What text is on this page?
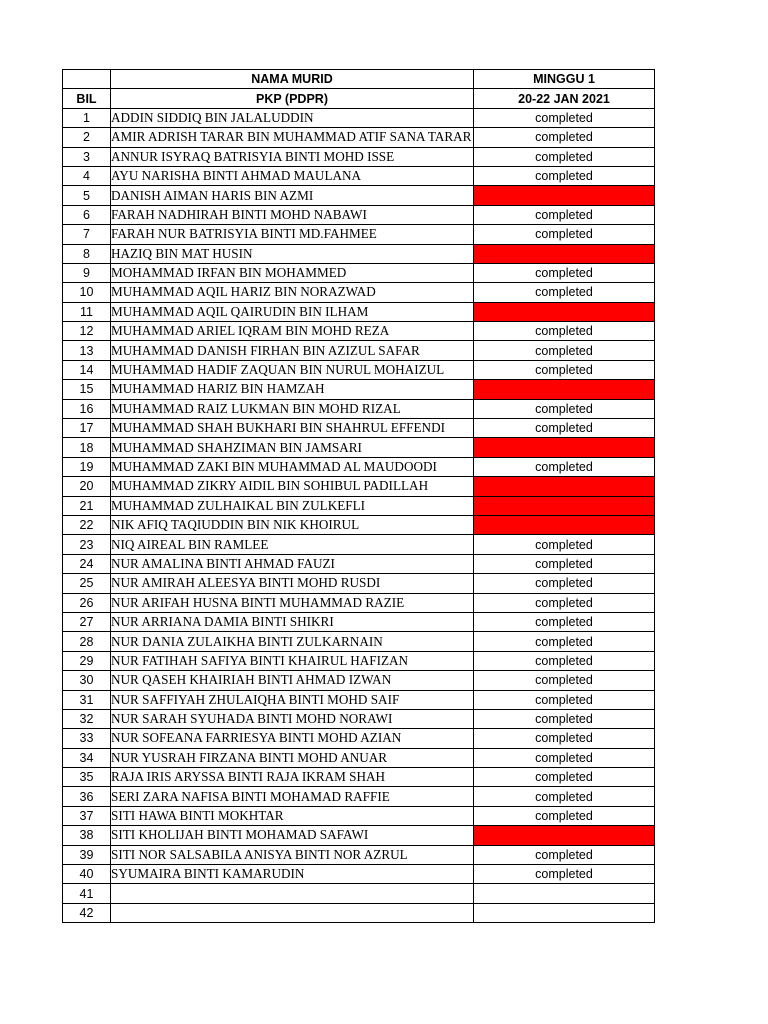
	NAMA MURID	MINGGU 1
BIL	PKP (PDPR)	20-22 JAN 2021
1	ADDIN SIDDIQ BIN JALALUDDIN	completed
2	AMIR ADRISH TARAR BIN MUHAMMAD ATIF SANA TARAR	completed
3	ANNUR ISYRAQ BATRISYIA BINTI MOHD ISSE	completed
4	AYU NARISHA BINTI AHMAD MAULANA	completed
5	DANISH AIMAN HARIS BIN AZMI	
6	FARAH NADHIRAH BINTI MOHD NABAWI	completed
7	FARAH NUR BATRISYIA BINTI MD.FAHMEE	completed
8	HAZIQ BIN MAT HUSIN	
9	MOHAMMAD IRFAN BIN MOHAMMED	completed
10	MUHAMMAD AQIL HARIZ BIN NORAZWAD	completed
11	MUHAMMAD AQIL QAIRUDIN BIN ILHAM	
12	MUHAMMAD ARIEL IQRAM BIN MOHD REZA	completed
13	MUHAMMAD DANISH FIRHAN BIN AZIZUL SAFAR	completed
14	MUHAMMAD HADIF ZAQUAN BIN NURUL MOHAIZUL	completed
15	MUHAMMAD HARIZ BIN HAMZAH	
16	MUHAMMAD RAIZ LUKMAN BIN MOHD RIZAL	completed
17	MUHAMMAD SHAH BUKHARI BIN SHAHRUL EFFENDI	completed
18	MUHAMMAD SHAHZIMAN BIN JAMSARI	
19	MUHAMMAD ZAKI BIN MUHAMMAD AL MAUDOODI	completed
20	MUHAMMAD ZIKRY AIDIL BIN SOHIBUL PADILLAH	
21	MUHAMMAD ZULHAIKAL BIN ZULKEFLI	
22	NIK AFIQ TAQIUDDIN BIN NIK KHOIRUL	
23	NIQ AIREAL BIN RAMLEE	completed
24	NUR AMALINA BINTI AHMAD FAUZI	completed
25	NUR AMIRAH ALEESYA BINTI MOHD RUSDI	completed
26	NUR ARIFAH HUSNA BINTI MUHAMMAD RAZIE	completed
27	NUR ARRIANA DAMIA BINTI SHIKRI	completed
28	NUR DANIA ZULAIKHA BINTI ZULKARNAIN	completed
29	NUR FATIHAH SAFIYA BINTI KHAIRUL HAFIZAN	completed
30	NUR QASEH KHAIRIAH BINTI AHMAD IZWAN	completed
31	NUR SAFFIYAH ZHULAIQHA BINTI MOHD SAIF	completed
32	NUR SARAH SYUHADA BINTI MOHD NORAWI	completed
33	NUR SOFEANA FARRIESYA BINTI MOHD AZIAN	completed
34	NUR YUSRAH FIRZANA BINTI MOHD ANUAR	completed
35	RAJA IRIS ARYSSA BINTI RAJA IKRAM SHAH	completed
36	SERI ZARA NAFISA BINTI MOHAMAD RAFFIE	completed
37	SITI HAWA BINTI MOKHTAR	completed
38	SITI KHOLIJAH BINTI MOHAMAD SAFAWI	
39	SITI NOR SALSABILA ANISYA BINTI NOR AZRUL	completed
40	SYUMAIRA BINTI KAMARUDIN	completed
41		
42		
